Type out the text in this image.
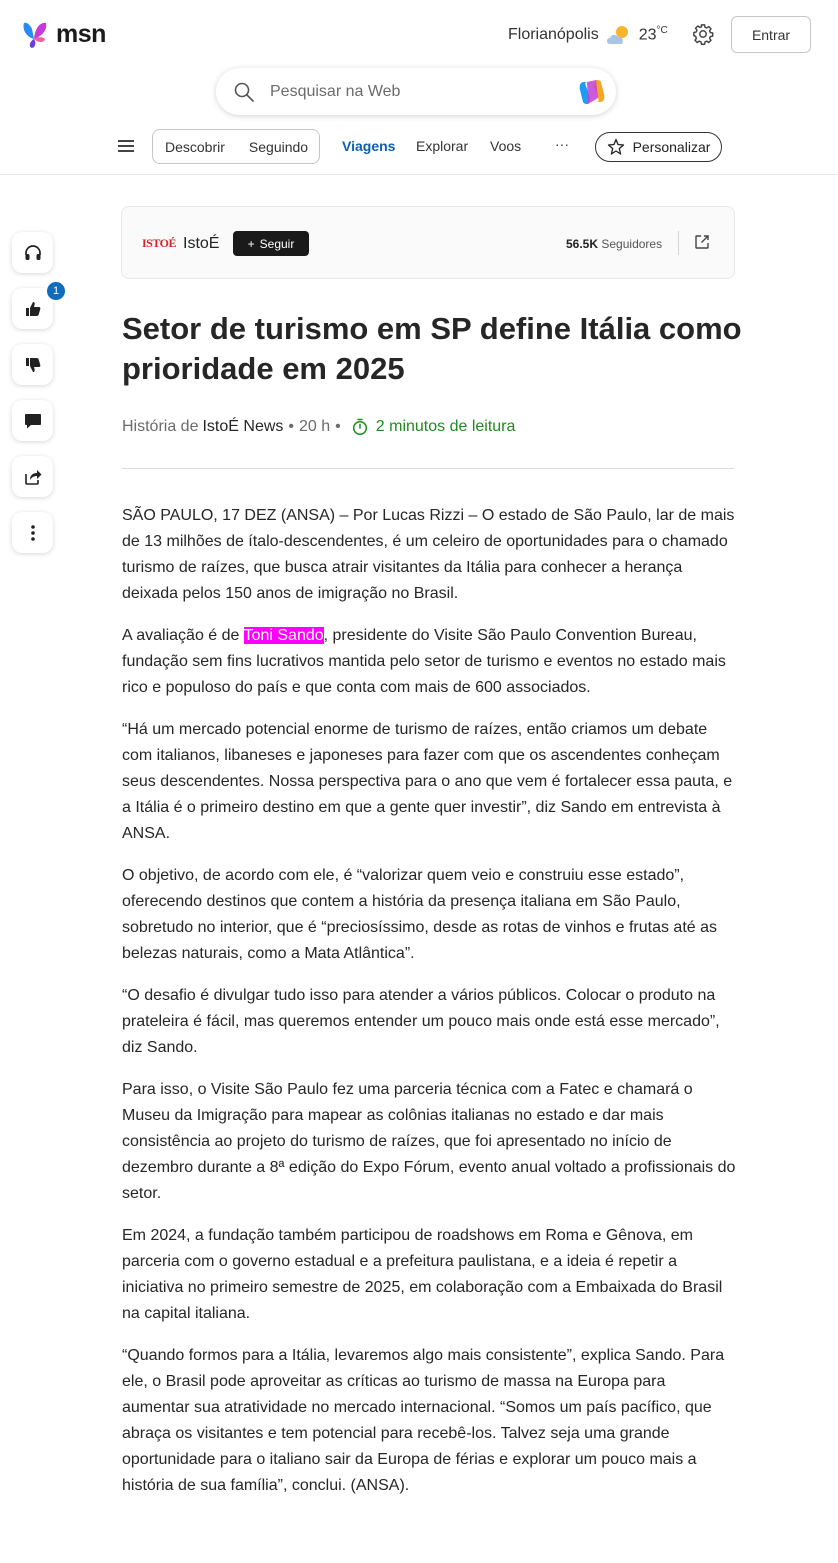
msn	Florianópolis	$23^{^\circ C}$	Entrar
Pesquisar na Web
Descobrir	Seguindo	Viagens Explorar Voos ···	Personalizar
1
ISTOÉ IstoÉ + Seguir	56.5K Seguidores
Setor de turismo em SP define Itália como prioridade em 2025
História de IstoÉ News • 20 h • 2 minutos de leitura

SÃO PAULO, 17 DEZ (ANSA) – Por Lucas Rizzi – O estado de São Paulo, lar de mais de 13 milhões de ítalo-descendentes, é um celeiro de oportunidades para o chamado turismo de raízes, que busca atrair visitantes da Itália para conhecer a herança deixada pelos 150 anos de imigração no Brasil.

A avaliação é de Toni Sando, presidente do Visite São Paulo Convention Bureau, fundação sem fins lucrativos mantida pelo setor de turismo e eventos no estado mais rico e populoso do país e que conta com mais de 600 associados.

“Há um mercado potencial enorme de turismo de raízes, então criamos um debate com italianos, libaneses e japoneses para fazer com que os ascendentes conheçam seus descendentes. Nossa perspectiva para o ano que vem é fortalecer essa pauta, e a Itália é o primeiro destino em que a gente quer investir”, diz Sando em entrevista à ANSA.

O objetivo, de acordo com ele, é “valorizar quem veio e construiu esse estado”, oferecendo destinos que contem a história da presença italiana em São Paulo, sobretudo no interior, que é “preciosíssimo, desde as rotas de vinhos e frutas até as belezas naturais, como a Mata Atlântica”.

“O desafio é divulgar tudo isso para atender a vários públicos. Colocar o produto na prateleira é fácil, mas queremos entender um pouco mais onde está esse mercado”, diz Sando.

Para isso, o Visite São Paulo fez uma parceria técnica com a Fatec e chamará o Museu da Imigração para mapear as colônias italianas no estado e dar mais consistência ao projeto do turismo de raízes, que foi apresentado no início de dezembro durante a 8ª edição do Expo Fórum, evento anual voltado a profissionais do setor.

Em 2024, a fundação também participou de roadshows em Roma e Gênova, em parceria com o governo estadual e a prefeitura paulistana, e a ideia é repetir a iniciativa no primeiro semestre de 2025, em colaboração com a Embaixada do Brasil na capital italiana.

“Quando formos para a Itália, levaremos algo mais consistente”, explica Sando. Para ele, o Brasil pode aproveitar as críticas ao turismo de massa na Europa para aumentar sua atratividade no mercado internacional. “Somos um país pacífico, que abraça os visitantes e tem potencial para recebê-los. Talvez seja uma grande oportunidade para o italiano sair da Europa de férias e explorar um pouco mais a história de sua família”, conclui. (ANSA).
